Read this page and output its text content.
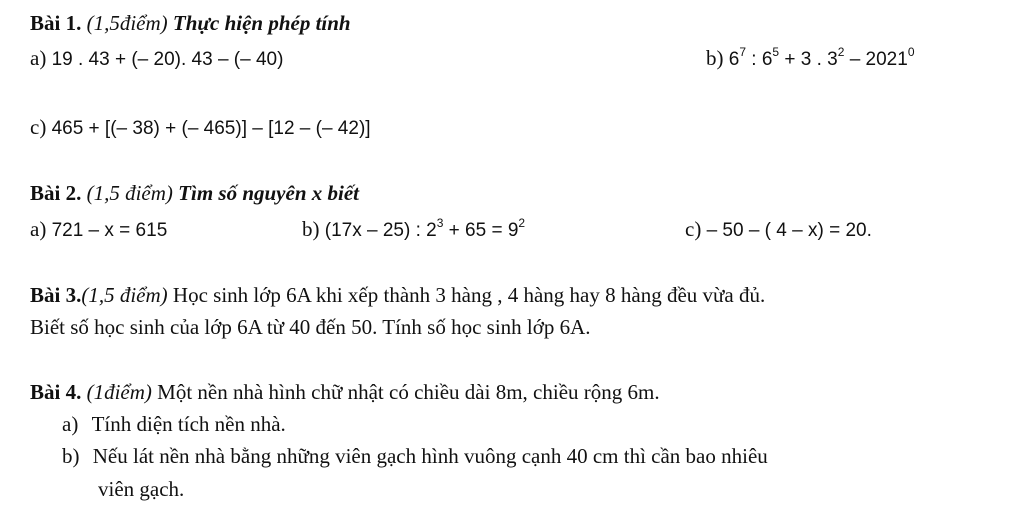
Bài 1. (1,5điểm) Thực hiện phép tính
a) 19 . 43 + (– 20). 43 – (– 40)	b) $6^7$ : $6^5 + 3$ . $3^2 - 2021^0$
c) 465 + [(– 38) + (– 465)] – [12 – (– 42)]
Bài 2. (1,5 điểm) Tìm số nguyên x biết
a) 721 – x = 615	b) (17x – 25) : $2^3 + 65 = 9^2$	c) – 50 – ( 4 – x) = 20.
Bài 3.(1,5 điểm) Học sinh lớp 6A khi xếp thành 3 hàng , 4 hàng hay 8 hàng đều vừa đủ.
Biết số học sinh của lớp 6A từ 40 đến 50. Tính số học sinh lớp 6A.
Bài 4. (1điểm) Một nền nhà hình chữ nhật có chiều dài 8m, chiều rộng 6m.
a) Tính diện tích nền nhà.
b) Nếu lát nền nhà bằng những viên gạch hình vuông cạnh 40 cm thì cần bao nhiêu
viên gạch.
